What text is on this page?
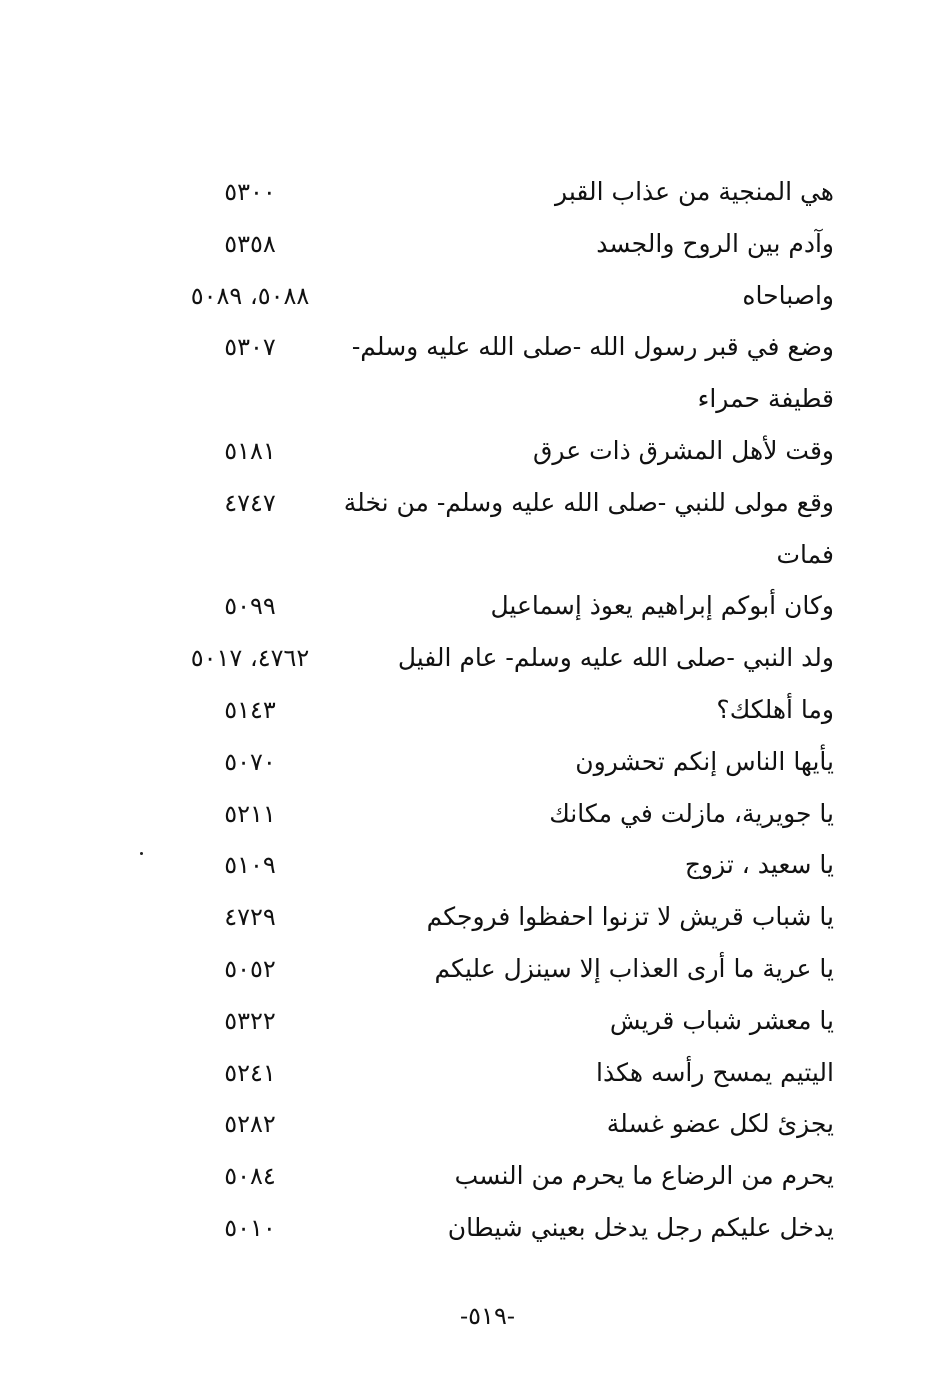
هي المنجية من عذاب القبر
٥٣٠٠
وآدم بين الروح والجسد
٥٣٥٨
واصباحاه
٥٠٨٨، ٥٠٨٩
وضع في قبر رسول الله -صلى الله عليه وسلم-
٥٣٠٧
قطيفة حمراء
وقت لأهل المشرق ذات عرق
٥١٨١
وقع مولى للنبي -صلى الله عليه وسلم- من نخلة
٤٧٤٧
فمات
وكان أبوكم إبراهيم يعوذ إسماعيل
٥٠٩٩
ولد النبي -صلى الله عليه وسلم- عام الفيل
٤٧٦٢، ٥٠١٧
وما أهلكك؟
٥١٤٣
يأيها الناس إنكم تحشرون
٥٠٧٠
يا جويرية، مازلت في مكانك
٥٢١١
يا سعيد ، تزوج
٥١٠٩
يا شباب قريش لا تزنوا احفظوا فروجكم
٤٧٢٩
يا عرية ما أرى العذاب إلا سينزل عليكم
٥٠٥٢
يا معشر شباب قريش
٥٣٢٢
اليتيم يمسح رأسه هكذا
٥٢٤١
يجزئ لكل عضو غسلة
٥٢٨٢
يحرم من الرضاع ما يحرم من النسب
٥٠٨٤
يدخل عليكم رجل يدخل بعيني شيطان
٥٠١٠
-٥١٩-
